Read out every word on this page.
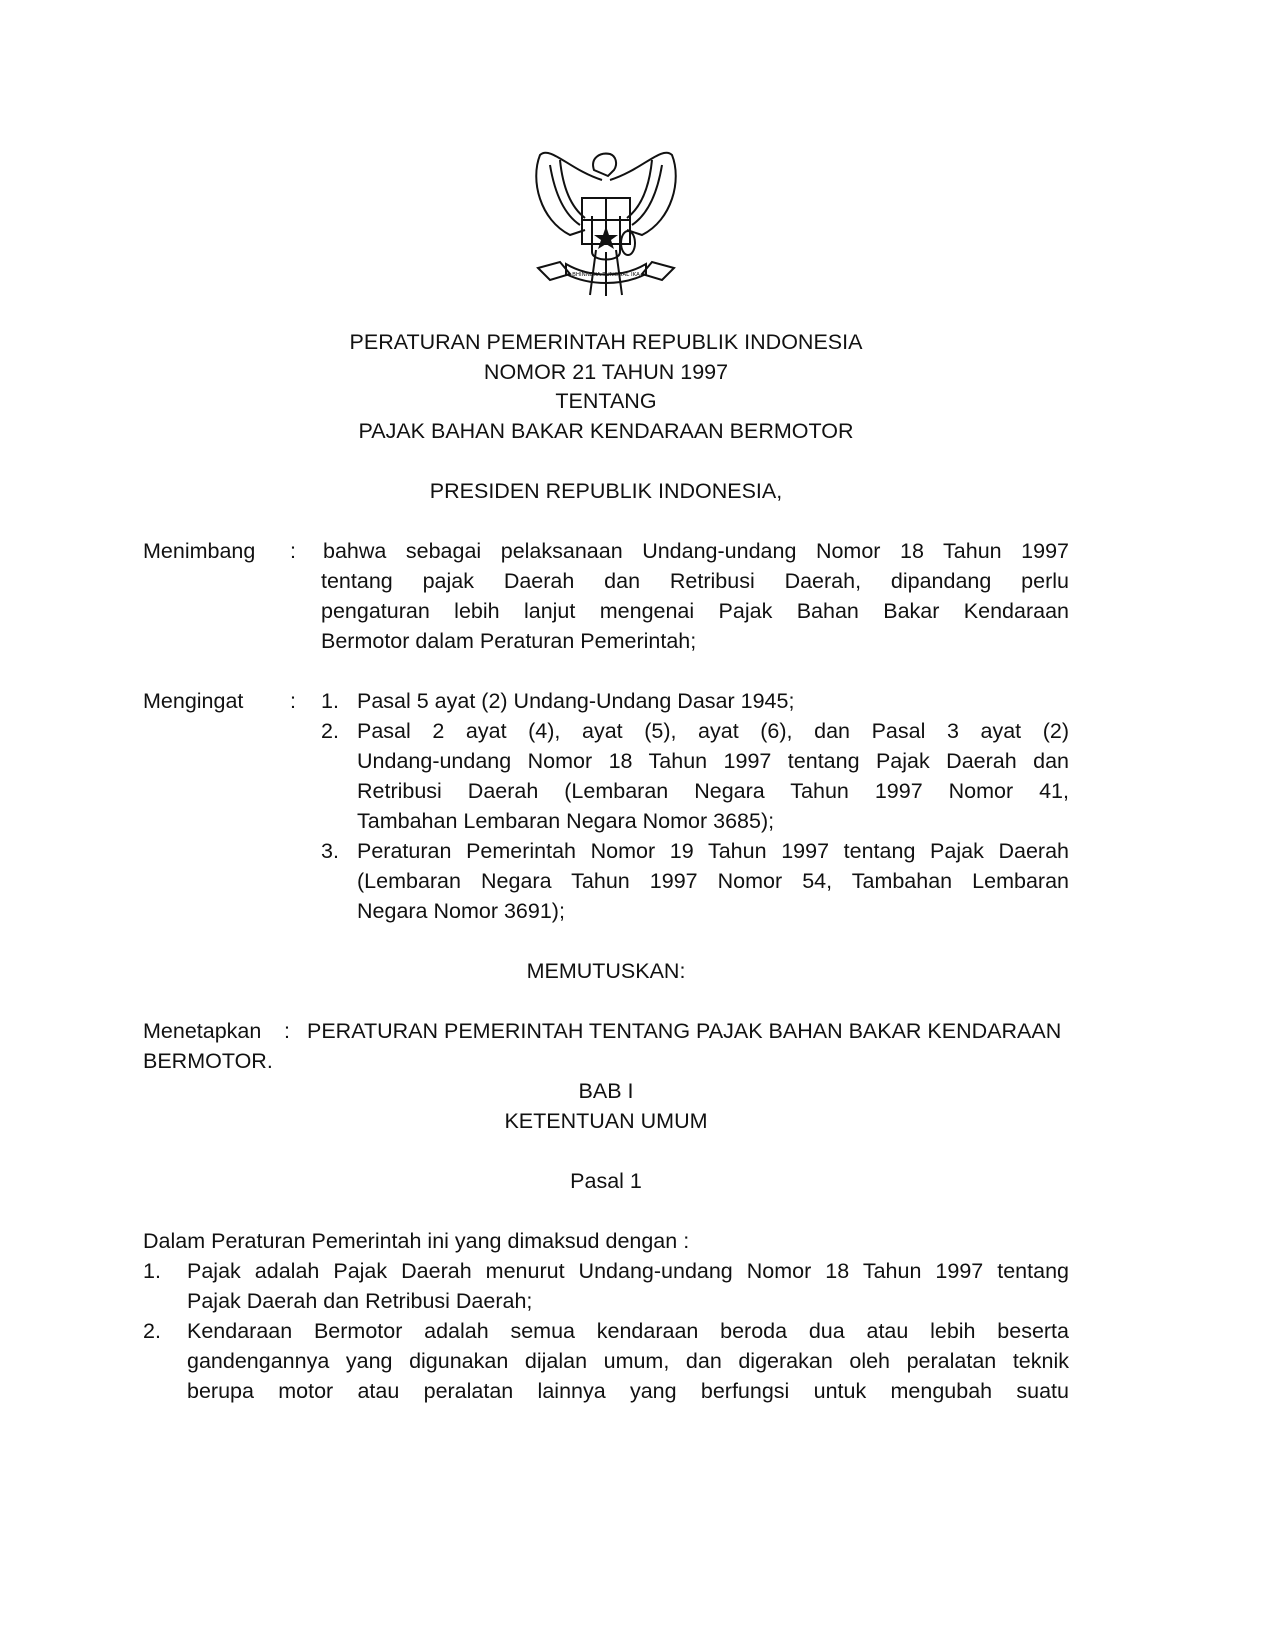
BHINNEKA TUNGGAL IKA
PERATURAN PEMERINTAH REPUBLIK INDONESIA
NOMOR 21 TAHUN 1997
TENTANG
PAJAK BAHAN BAKAR KENDARAAN BERMOTOR
PRESIDEN REPUBLIK INDONESIA,
Menimbang : bahwa sebagai pelaksanaan Undang-undang Nomor 18 Tahun 1997
tentang pajak Daerah dan Retribusi Daerah, dipandang perlu
pengaturan lebih lanjut mengenai Pajak Bahan Bakar Kendaraan
Bermotor dalam Peraturan Pemerintah;
Mengingat : 1. Pasal 5 ayat (2) Undang-Undang Dasar 1945;
2. Pasal 2 ayat (4), ayat (5), ayat (6), dan Pasal 3 ayat (2)
Undang-undang Nomor 18 Tahun 1997 tentang Pajak Daerah dan
Retribusi Daerah (Lembaran Negara Tahun 1997 Nomor 41,
Tambahan Lembaran Negara Nomor 3685);
3. Peraturan Pemerintah Nomor 19 Tahun 1997 tentang Pajak Daerah
(Lembaran Negara Tahun 1997 Nomor 54, Tambahan Lembaran
Negara Nomor 3691);
MEMUTUSKAN:
Menetapkan : PERATURAN PEMERINTAH TENTANG PAJAK BAHAN BAKAR KENDARAAN
BERMOTOR.
BAB I
KETENTUAN UMUM
Pasal 1
Dalam Peraturan Pemerintah ini yang dimaksud dengan :
1. Pajak adalah Pajak Daerah menurut Undang-undang Nomor 18 Tahun 1997 tentang
Pajak Daerah dan Retribusi Daerah;
2. Kendaraan Bermotor adalah semua kendaraan beroda dua atau lebih beserta
gandengannya yang digunakan dijalan umum, dan digerakan oleh peralatan teknik
berupa motor atau peralatan lainnya yang berfungsi untuk mengubah suatu
